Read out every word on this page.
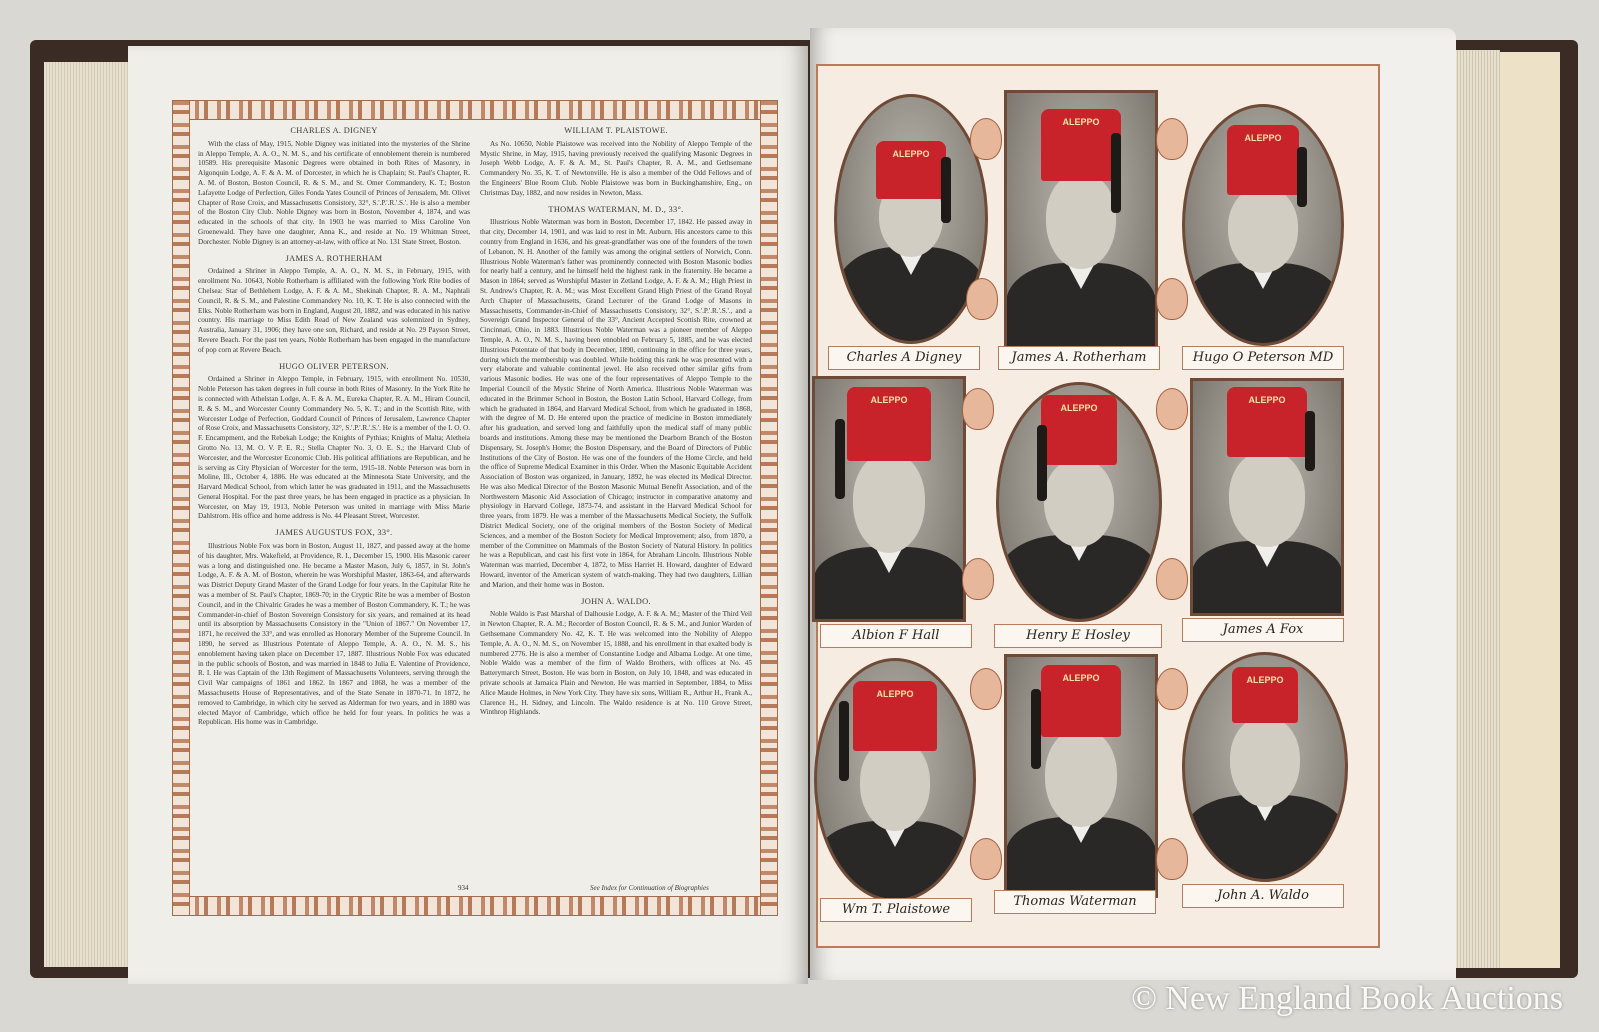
CHARLES A. DIGNEY

With the class of May, 1915, Noble Digney was initiated into the mysteries of the Shrine in Aleppo Temple, A. A. O., N. M. S., and his certificate of ennoblement therein is numbered 10589. His prerequisite Masonic Degrees were obtained in both Rites of Masonry, in Algonquin Lodge, A. F. & A. M. of Dorcester, in which he is Chaplain; St. Paul's Chapter, R. A. M. of Boston, Boston Council, R. & S. M., and St. Omer Commandery, K. T.; Boston Lafayette Lodge of Perfection, Giles Fonda Yates Council of Princes of Jerusalem, Mt. Olivet Chapter of Rose Croix, and Massachusetts Consistory, 32°, S.'.P.'.R.'.S.'. He is also a member of the Boston City Club. Noble Digney was born in Boston, November 4, 1874, and was educated in the schools of that city. In 1903 he was married to Miss Caroline Von Groenewald. They have one daughter, Anna K., and reside at No. 19 Whitman Street, Dorchester. Noble Digney is an attorney-at-law, with office at No. 131 State Street, Boston.

JAMES A. ROTHERHAM

Ordained a Shriner in Aleppo Temple, A. A. O., N. M. S., in February, 1915, with enrollment No. 10643, Noble Rotherham is affiliated with the following York Rite bodies of Chelsea: Star of Bethlehem Lodge, A. F. & A. M., Shekinah Chapter, R. A. M., Naphtali Council, R. & S. M., and Palestine Commandery No. 10, K. T. He is also connected with the Elks. Noble Rotherham was born in England, August 20, 1882, and was educated in his native country. His marriage to Miss Edith Read of New Zealand was solemnized in Sydney, Australia, January 31, 1906; they have one son, Richard, and reside at No. 29 Payson Street, Revere Beach. For the past ten years, Noble Rotherham has been engaged in the manufacture of pop corn at Revere Beach.

HUGO OLIVER PETERSON.

Ordained a Shriner in Aleppo Temple, in February, 1915, with enrollment No. 10530, Noble Peterson has taken degrees in full course in both Rites of Masonry. In the York Rite he is connected with Athelstan Lodge, A. F. & A. M., Eureka Chapter, R. A. M., Hiram Council, R. & S. M., and Worcester County Commandery No. 5, K. T.; and in the Scottish Rite, with Worcester Lodge of Perfection, Goddard Council of Princes of Jerusalem, Lawrence Chapter of Rose Croix, and Massachusetts Consistory, 32°, S.'.P.'.R.'.S.'. He is a member of the I. O. O. F. Encampment, and the Rebekah Lodge; the Knights of Pythias; Knights of Malta; Aletheia Grotto No. 13, M. O. V. P. E. R.; Stella Chapter No. 3, O. E. S.; the Harvard Club of Worcester, and the Worcester Economic Club. His political affiliations are Republican, and he is serving as City Physician of Worcester for the term, 1915-18. Noble Peterson was born in Moline, Ill., October 4, 1886. He was educated at the Minnesota State University, and the Harvard Medical School, from which latter he was graduated in 1911, and the Massachusetts General Hospital. For the past three years, he has been engaged in practice as a physician. In Worcester, on May 19, 1913, Noble Peterson was united in marriage with Miss Marie Dahlstrom. His office and home address is No. 44 Pleasant Street, Worcester.

JAMES AUGUSTUS FOX, 33°.

Illustrious Noble Fox was born in Boston, August 11, 1827, and passed away at the home of his daughter, Mrs. Wakefield, at Providence, R. I., December 15, 1900. His Masonic career was a long and distinguished one. He became a Master Mason, July 6, 1857, in St. John's Lodge, A. F. & A. M. of Boston, wherein he was Worshipful Master, 1863-64, and afterwards was District Deputy Grand Master of the Grand Lodge for four years. In the Capitular Rite he was a member of St. Paul's Chapter, 1869-70; in the Cryptic Rite he was a member of Boston Council, and in the Chivalric Grades he was a member of Boston Commandery, K. T.; he was Commander-in-chief of Boston Sovereign Consistory for six years, and remained at its head until its absorption by Massachusetts Consistory in the "Union of 1867." On November 17, 1871, he received the 33°, and was enrolled as Honorary Member of the Supreme Council. In 1890, he served as Illustrious Potentate of Aleppo Temple, A. A. O., N. M. S., his ennoblement having taken place on December 17, 1887. Illustrious Noble Fox was educated in the public schools of Boston, and was married in 1848 to Julia E. Valentine of Providence, R. I. He was Captain of the 13th Regiment of Massachusetts Volunteers, serving through the Civil War campaigns of 1861 and 1862. In 1867 and 1868, he was a member of the Massachusetts House of Representatives, and of the State Senate in 1870-71. In 1872, he removed to Cambridge, in which city he served as Alderman for two years, and in 1880 was elected Mayor of Cambridge, which office he held for four years. In politics he was a Republican. His home was in Cambridge.

WILLIAM T. PLAISTOWE.

As No. 10650, Noble Plaistowe was received into the Nobility of Aleppo Temple of the Mystic Shrine, in May, 1915, having previously received the qualifying Masonic Degrees in Joseph Webb Lodge, A. F. & A. M., St. Paul's Chapter, R. A. M., and Gethsemane Commandery No. 35, K. T. of Newtonville. He is also a member of the Odd Fellows and of the Engineers' Blue Room Club. Noble Plaistowe was born in Buckinghamshire, Eng., on Christmas Day, 1882, and now resides in Newton, Mass.

THOMAS WATERMAN, M. D., 33°.

Illustrious Noble Waterman was born in Boston, December 17, 1842. He passed away in that city, December 14, 1901, and was laid to rest in Mt. Auburn. His ancestors came to this country from England in 1636, and his great-grandfather was one of the founders of the town of Lebanon, N. H. Another of the family was among the original settlers of Norwich, Conn. Illustrious Noble Waterman's father was prominently connected with Boston Masonic bodies for nearly half a century, and he himself held the highest rank in the fraternity. He became a Mason in 1864; served as Worshipful Master in Zetland Lodge, A. F. & A. M.; High Priest in St. Andrew's Chapter, R. A. M.; was Most Excellent Grand High Priest of the Grand Royal Arch Chapter of Massachusetts, Grand Lecturer of the Grand Lodge of Masons in Massachusetts, Commander-in-Chief of Massachusetts Consistory, 32°, S.'.P.'.R.'.S.'., and a Sovereign Grand Inspector General of the 33°, Ancient Accepted Scottish Rite, crowned at Cincinnati, Ohio, in 1883. Illustrious Noble Waterman was a pioneer member of Aleppo Temple, A. A. O., N. M. S., having been ennobled on February 5, 1885, and he was elected Illustrious Potentate of that body in December, 1890, continuing in the office for three years, during which the membership was doubled. While holding this rank he was presented with a very elaborate and valuable continental jewel. He also received other similar gifts from various Masonic bodies. He was one of the four representatives of Aleppo Temple to the Imperial Council of the Mystic Shrine of North America. Illustrious Noble Waterman was educated in the Brimmer School in Boston, the Boston Latin School, Harvard College, from which he graduated in 1864, and Harvard Medical School, from which he graduated in 1868, with the degree of M. D. He entered upon the practice of medicine in Boston immediately after his graduation, and served long and faithfully upon the medical staff of many public boards and institutions. Among these may be mentioned the Dearborn Branch of the Boston Dispensary, St. Joseph's Home; the Boston Dispensary, and the Board of Directors of Public Institutions of the City of Boston. He was one of the founders of the Home Circle, and held the office of Supreme Medical Examiner in this Order. When the Masonic Equitable Accident Association of Boston was organized, in January, 1892, he was elected its Medical Director. He was also Medical Director of the Boston Masonic Mutual Benefit Association, and of the Northwestern Masonic Aid Association of Chicago; instructor in comparative anatomy and physiology in Harvard College, 1873-74, and assistant in the Harvard Medical School for three years, from 1879. He was a member of the Massachusetts Medical Society, the Suffolk District Medical Society, one of the original members of the Boston Society of Medical Sciences, and a member of the Boston Society for Medical Improvement; also, from 1870, a member of the Committee on Mammals of the Boston Society of Natural History. In politics he was a Republican, and cast his first vote in 1864, for Abraham Lincoln. Illustrious Noble Waterman was married, December 4, 1872, to Miss Harriet H. Howard, daughter of Edward Howard, inventor of the American system of watch-making. They had two daughters, Lillian and Marion, and their home was in Boston.

JOHN A. WALDO.

Noble Waldo is Past Marshal of Dalhousie Lodge, A. F. & A. M.; Master of the Third Veil in Newton Chapter, R. A. M.; Recorder of Boston Council, R. & S. M., and Junior Warden of Gethsemane Commandery No. 42, K. T. He was welcomed into the Nobility of Aleppo Temple, A. A. O., N. M. S., on November 15, 1888, and his enrollment in that exalted body is numbered 2776. He is also a member of Constantine Lodge and Albama Lodge. At one time, Noble Waldo was a member of the firm of Waldo Brothers, with offices at No. 45 Batterymarch Street, Boston. He was born in Boston, on July 10, 1848, and was educated in private schools at Jamaica Plain and Newton. He was married in September, 1884, to Miss Alice Maude Holmes, in New York City. They have six sons, William R., Arthur H., Frank A., Clarence H., H. Sidney, and Lincoln. The Waldo residence is at No. 110 Grove Street, Winthrop Highlands.

934	See Index for Continuation of Biographies
ALEPPO
ALEPPO
ALEPPO
Charles A Digney	James A. Rotherham	Hugo O Peterson MD
ALEPPO
ALEPPO
ALEPPO
Albion F Hall	Henry E Hosley	James A Fox
ALEPPO
ALEPPO	ALEPPO
Wm T. Plaistowe
Thomas Waterman	John A. Waldo
© New England Book Auctions
